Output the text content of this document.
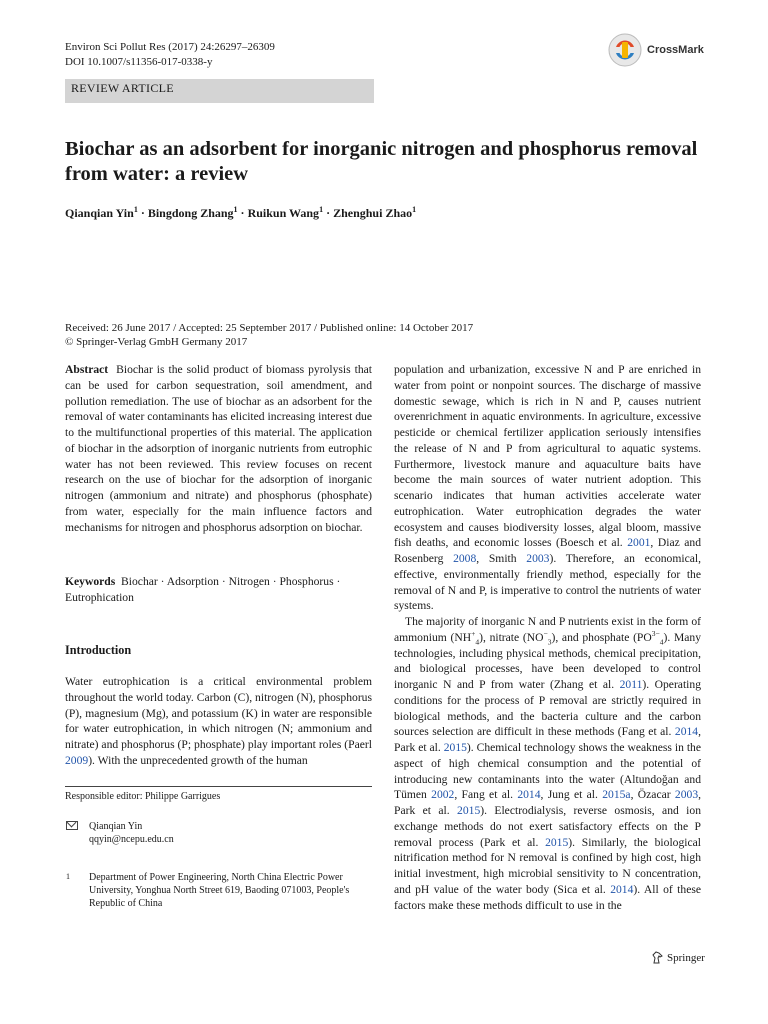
Environ Sci Pollut Res (2017) 24:26297–26309
DOI 10.1007/s11356-017-0338-y
CrossMark
REVIEW ARTICLE
Biochar as an adsorbent for inorganic nitrogen and phosphorus removal from water: a review
Qianqian Yin$^1$ · Bingdong Zhang$^1$ · Ruikun Wang$^1$ · Zhenghui Zhao$^1$
Received: 26 June 2017 / Accepted: 25 September 2017 / Published online: 14 October 2017
© Springer-Verlag GmbH Germany 2017

Abstract Biochar is the solid product of biomass pyrolysis that can be used for carbon sequestration, soil amendment, and pollution remediation. The use of biochar as an adsorbent for the removal of water contaminants has elicited increasing interest due to the multifunctional properties of this material. The application of biochar in the adsorption of inorganic nutrients from eutrophic water has not been reviewed. This review focuses on recent research on the use of biochar for the adsorption of inorganic nitrogen (ammonium and nitrate) and phosphorus (phosphate) from water, especially for the main influence factors and mechanisms for nitrogen and phosphorus adsorption on biochar.

Keywords Biochar · Adsorption · Nitrogen · Phosphorus · Eutrophication

Introduction

Water eutrophication is a critical environmental problem throughout the world today. Carbon (C), nitrogen (N), phosphorus (P), magnesium (Mg), and potassium (K) in water are responsible for water eutrophication, in which nitrogen (N; ammonium and nitrate) and phosphorus (P; phosphate) play important roles (Paerl 2009). With the unprecedented growth of the human

Responsible editor: Philippe Garrigues
Qianqian Yin
qqyin@ncepu.edu.cn
1 Department of Power Engineering, North China Electric Power University, Yonghua North Street 619, Baoding 071003, People's Republic of China

population and urbanization, excessive N and P are enriched in water from point or nonpoint sources. The discharge of massive domestic sewage, which is rich in N and P, causes nutrient overenrichment in aquatic environments. In agriculture, excessive pesticide or chemical fertilizer application seriously intensifies the release of N and P from agricultural to aquatic systems. Furthermore, livestock manure and aquaculture baits have become the main sources of water nutrient adoption. This scenario indicates that human activities accelerate water eutrophication. Water eutrophication degrades the water ecosystem and causes biodiversity losses, algal bloom, massive fish deaths, and economic losses (Boesch et al. 2001, Diaz and Rosenberg 2008, Smith 2003). Therefore, an economical, effective, environmentally friendly method, especially for the removal of N and P, is imperative to control the nutrients of water systems.

The majority of inorganic N and P nutrients exist in the form of ammonium $(NH^+_4)$, nitrate $(NO^-_3)$, and phosphate $(PO^{3-}_4)$. Many technologies, including physical methods, chemical precipitation, and biological processes, have been developed to control inorganic N and P from water (Zhang et al. 2011). Operating conditions for the process of P removal are strictly required in biological methods, and the bacteria culture and the carbon sources selection are difficult in these methods (Fang et al. 2014, Park et al. 2015). Chemical technology shows the weakness in the aspect of high chemical consumption and the potential of introducing new contaminants into the water (Altundoğan and Tümen 2002, Fang et al. 2014, Jung et al. 2015a, Özacar 2003, Park et al. 2015). Electrodialysis, reverse osmosis, and ion exchange methods do not exert satisfactory effects on the P removal process (Park et al. 2015). Similarly, the biological nitrification method for N removal is confined by high cost, high initial investment, high microbial sensitivity to N concentration, and pH value of the water body (Sica et al. 2014). All of these factors make these methods difficult to use in the

Springer
